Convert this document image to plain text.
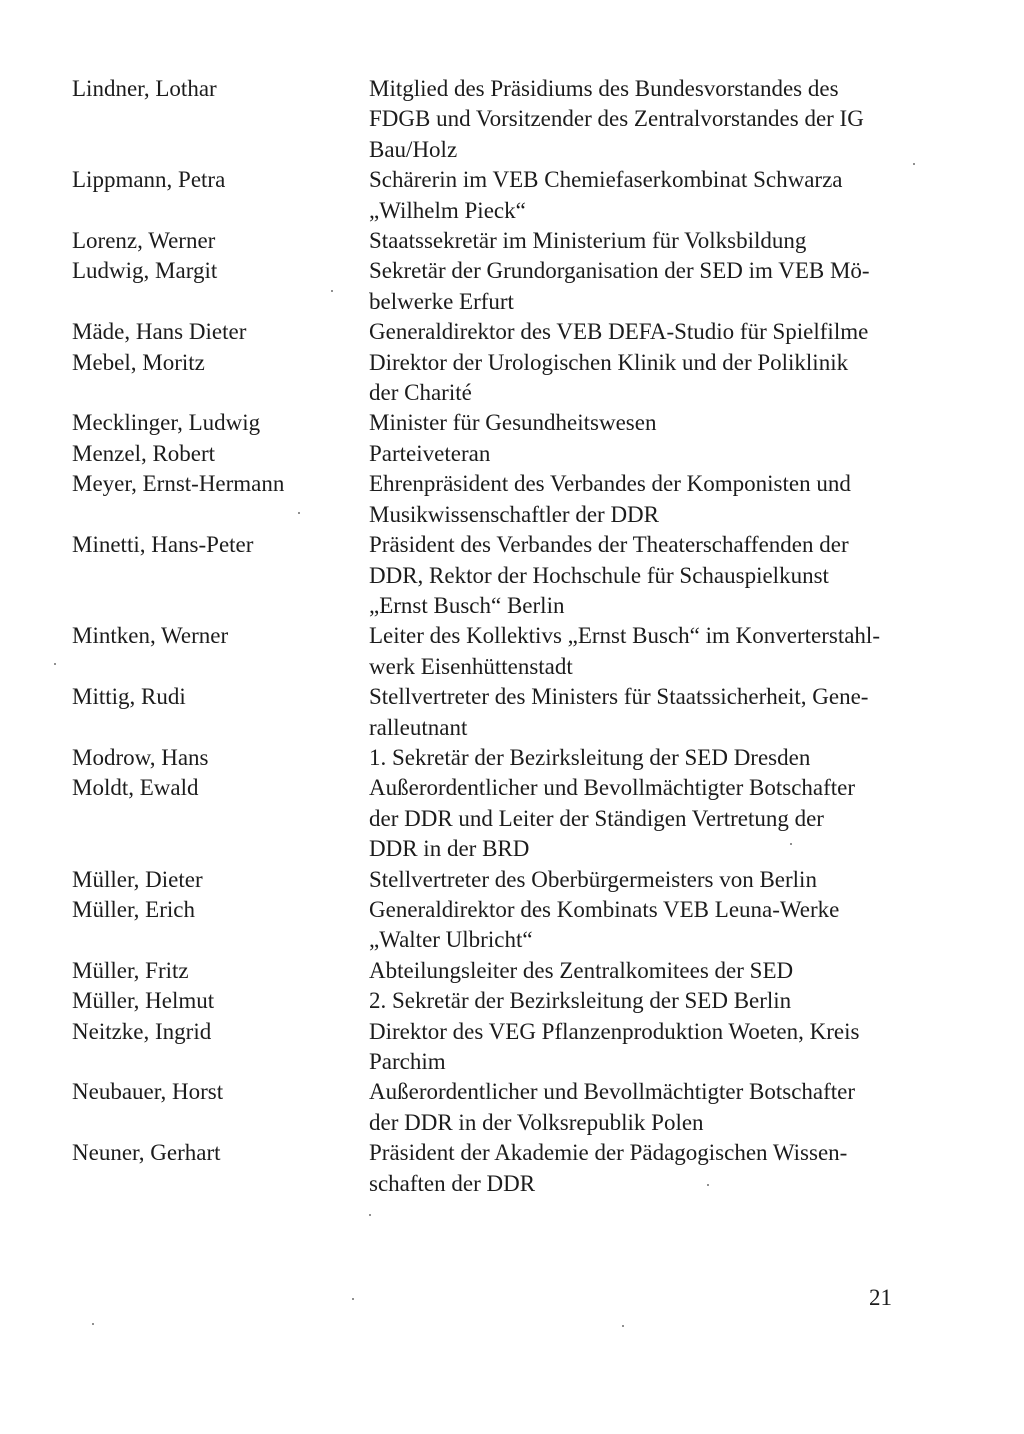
Lindner, Lothar	Mitglied des Präsidiums des Bundesvorstandes des
FDGB und Vorsitzender des Zentralvorstandes der IG
Bau/Holz
Lippmann, Petra	Schärerin im VEB Chemiefaserkombinat Schwarza
„Wilhelm Pieck“
Lorenz, Werner	Staatssekretär im Ministerium für Volksbildung
Ludwig, Margit	Sekretär der Grundorganisation der SED im VEB Mö-
belwerke Erfurt
Mäde, Hans Dieter	Generaldirektor des VEB DEFA-Studio für Spielfilme
Mebel, Moritz	Direktor der Urologischen Klinik und der Poliklinik
der Charité
Mecklinger, Ludwig	Minister für Gesundheitswesen
Menzel, Robert	Parteiveteran
Meyer, Ernst-Hermann	Ehrenpräsident des Verbandes der Komponisten und
Musikwissenschaftler der DDR
Minetti, Hans-Peter	Präsident des Verbandes der Theaterschaffenden der
DDR, Rektor der Hochschule für Schauspielkunst
„Ernst Busch“ Berlin
Mintken, Werner	Leiter des Kollektivs „Ernst Busch“ im Konverterstahl-
werk Eisenhüttenstadt
Mittig, Rudi	Stellvertreter des Ministers für Staatssicherheit, Gene-
ralleutnant
Modrow, Hans	1. Sekretär der Bezirksleitung der SED Dresden
Moldt, Ewald	Außerordentlicher und Bevollmächtigter Botschafter
der DDR und Leiter der Ständigen Vertretung der
DDR in der BRD
Müller, Dieter	Stellvertreter des Oberbürgermeisters von Berlin
Müller, Erich	Generaldirektor des Kombinats VEB Leuna-Werke
„Walter Ulbricht“
Müller, Fritz	Abteilungsleiter des Zentralkomitees der SED
Müller, Helmut	2. Sekretär der Bezirksleitung der SED Berlin
Neitzke, Ingrid	Direktor des VEG Pflanzenproduktion Woeten, Kreis
Parchim
Neubauer, Horst	Außerordentlicher und Bevollmächtigter Botschafter
der DDR in der Volksrepublik Polen
Neuner, Gerhart	Präsident der Akademie der Pädagogischen Wissen-
schaften der DDR
21
